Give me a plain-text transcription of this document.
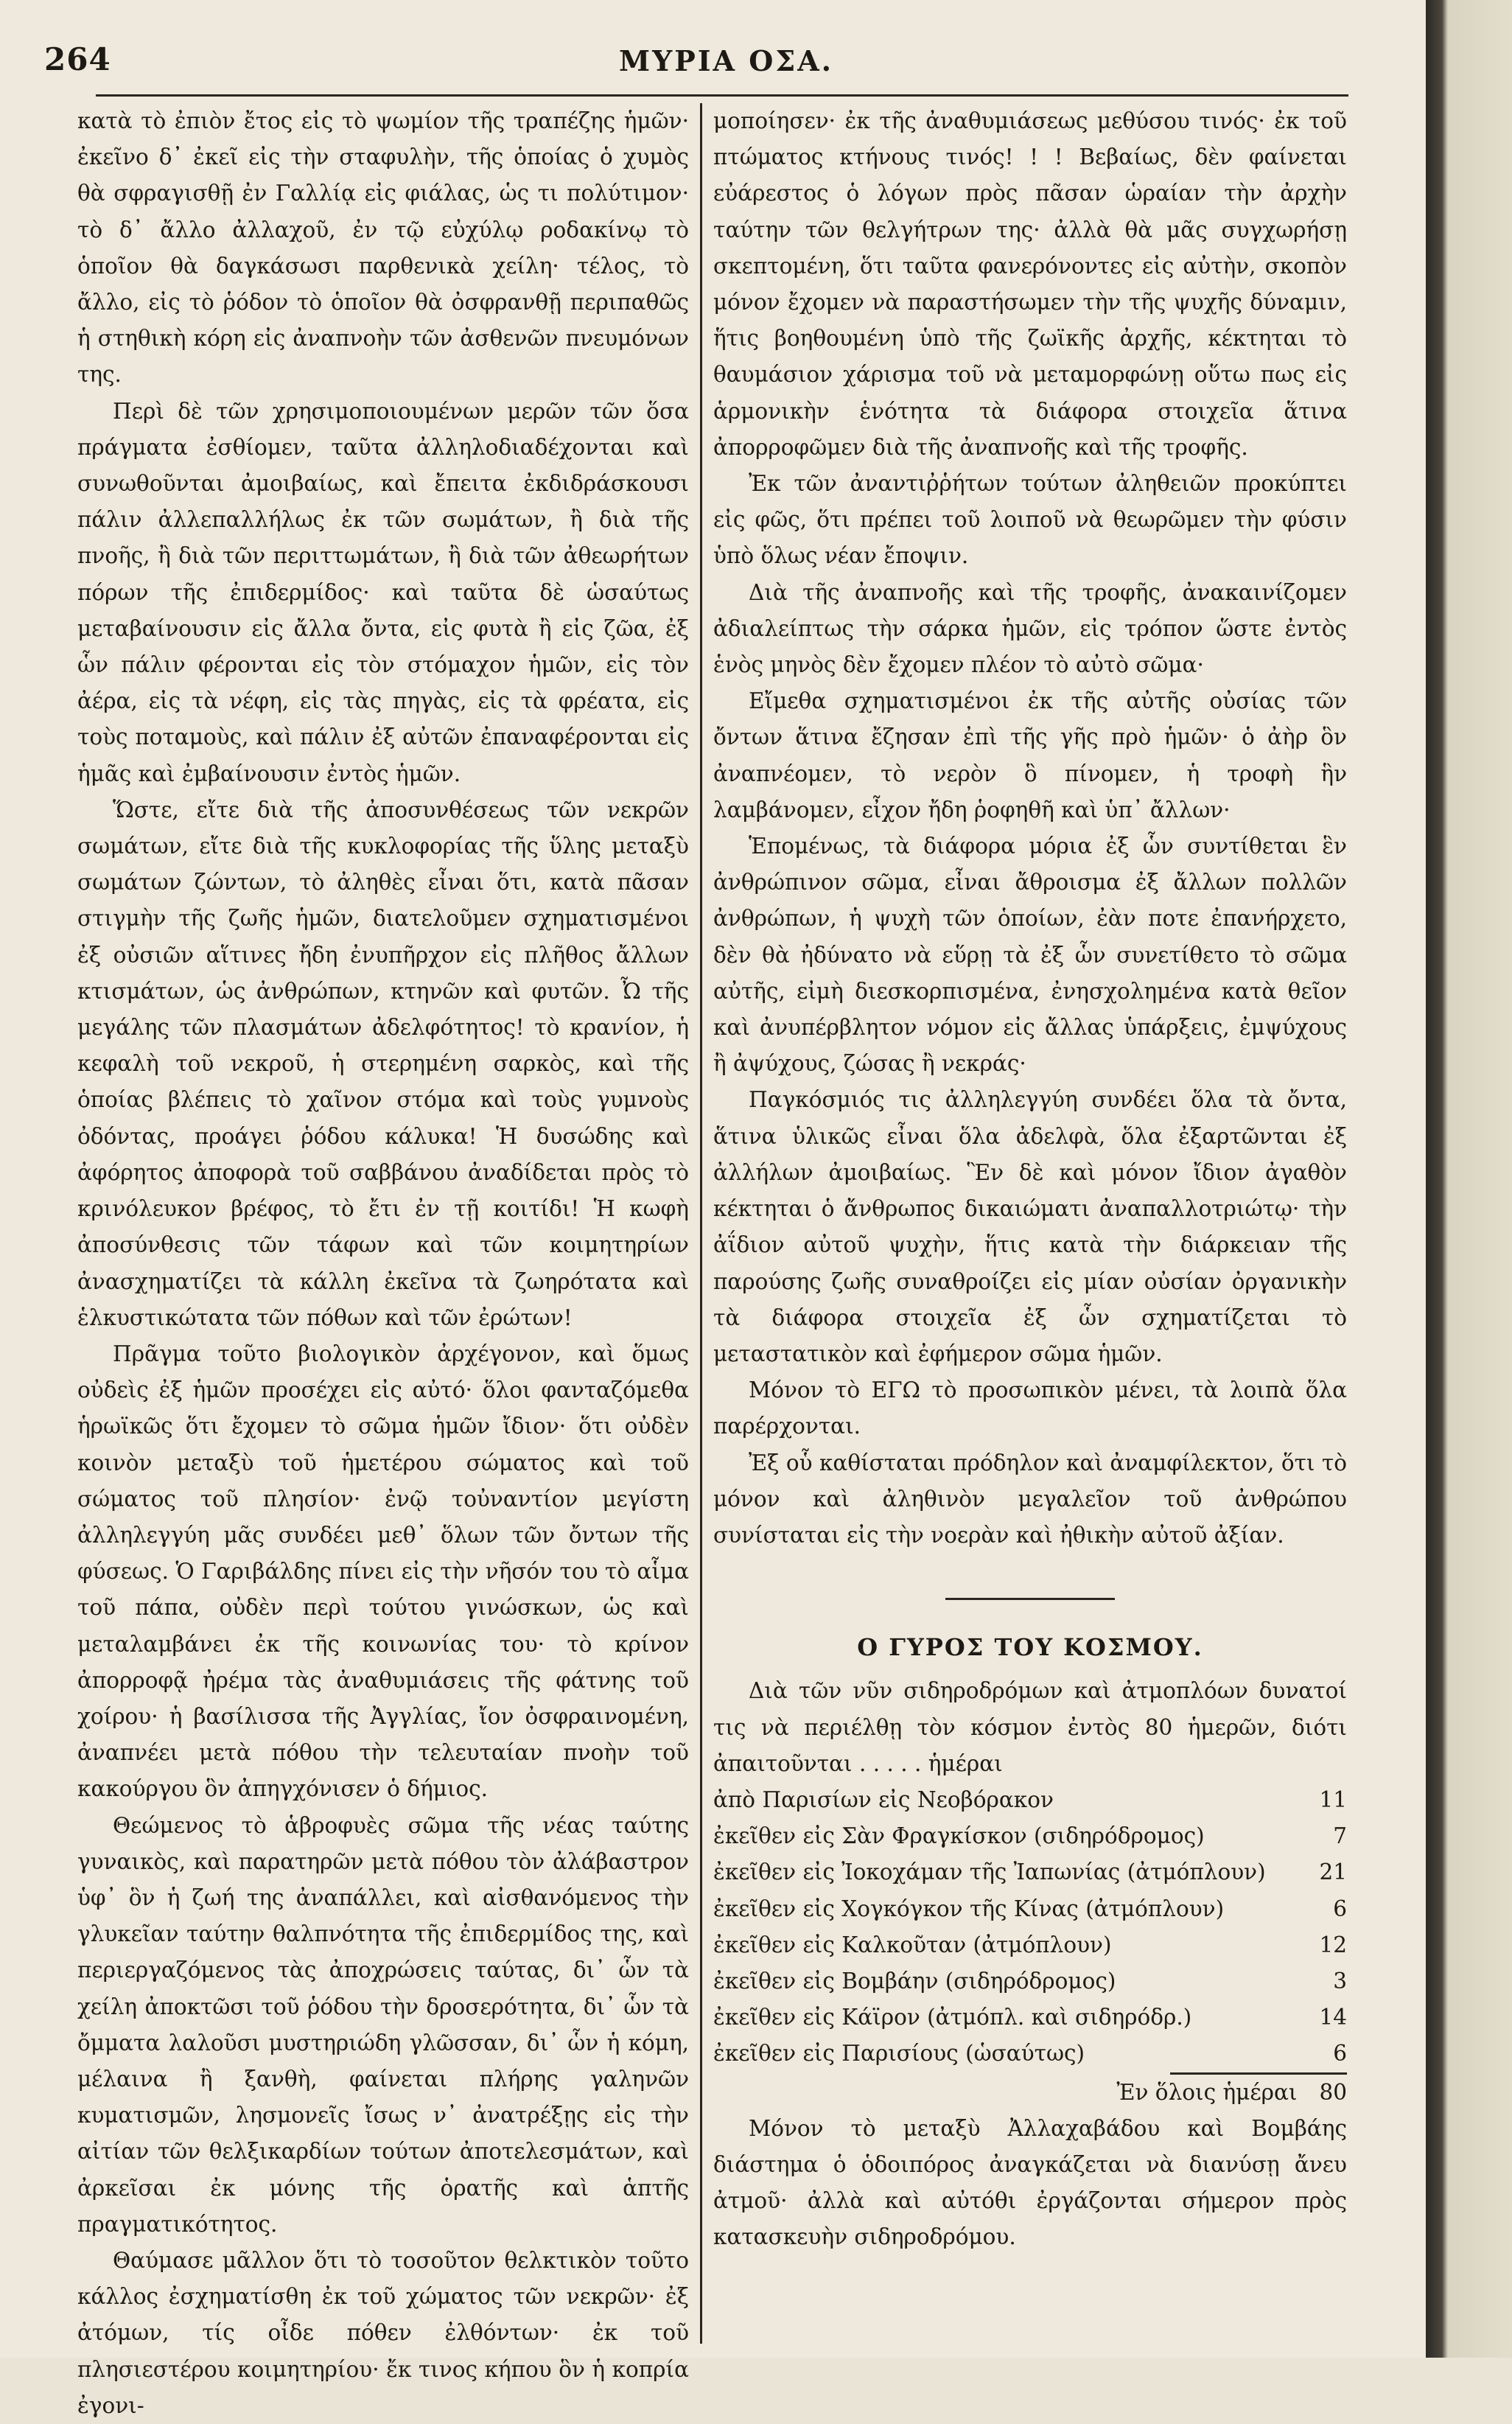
264	ΜΥΡΙΑ ΟΣΑ.

κατὰ τὸ ἐπιὸν ἔτος εἰς τὸ ψωμίον τῆς τραπέζης ἡμῶν· ἐκεῖνο δ᾽ ἐκεῖ εἰς τὴν σταφυλὴν, τῆς ὁποίας ὁ χυμὸς θὰ σφραγισθῇ ἐν Γαλλίᾳ εἰς φιάλας, ὡς τι πολύτιμον· τὸ δ᾽ ἄλλο ἀλλαχοῦ, ἐν τῷ εὐχύλῳ ροδακίνῳ τὸ ὁποῖον θὰ δαγκάσωσι παρθενικὰ χείλη· τέλος, τὸ ἄλλο, εἰς τὸ ῥόδον τὸ ὁποῖον θὰ ὀσφρανθῇ περιπαθῶς ἡ στηθικὴ κόρη εἰς ἀναπνοὴν τῶν ἀσθενῶν πνευμόνων της.

Περὶ δὲ τῶν χρησιμοποιουμένων μερῶν τῶν ὅσα πράγματα ἐσθίομεν, ταῦτα ἀλληλοδιαδέχονται καὶ συνωθοῦνται ἀμοιβαίως, καὶ ἔπειτα ἐκδιδράσκουσι πάλιν ἀλλεπαλλήλως ἐκ τῶν σωμάτων, ἢ διὰ τῆς πνοῆς, ἢ διὰ τῶν περιττωμάτων, ἢ διὰ τῶν ἀθεωρήτων πόρων τῆς ἐπιδερμίδος· καὶ ταῦτα δὲ ὡσαύτως μεταβαίνουσιν εἰς ἄλλα ὄντα, εἰς φυτὰ ἢ εἰς ζῶα, ἐξ ὧν πάλιν φέρονται εἰς τὸν στόμαχον ἡμῶν, εἰς τὸν ἀέρα, εἰς τὰ νέφη, εἰς τὰς πηγὰς, εἰς τὰ φρέατα, εἰς τοὺς ποταμοὺς, καὶ πάλιν ἐξ αὐτῶν ἐπαναφέρονται εἰς ἡμᾶς καὶ ἐμβαίνουσιν ἐντὸς ἡμῶν.

Ὥστε, εἴτε διὰ τῆς ἀποσυνθέσεως τῶν νεκρῶν σωμάτων, εἴτε διὰ τῆς κυκλοφορίας τῆς ὕλης μεταξὺ σωμάτων ζώντων, τὸ ἀληθὲς εἶναι ὅτι, κατὰ πᾶσαν στιγμὴν τῆς ζωῆς ἡμῶν, διατελοῦμεν σχηματισμένοι ἐξ οὐσιῶν αἵτινες ἤδη ἐνυπῆρχον εἰς πλῆθος ἄλλων κτισμάτων, ὡς ἀνθρώπων, κτηνῶν καὶ φυτῶν. Ὦ τῆς μεγάλης τῶν πλασμάτων ἀδελφότητος! τὸ κρανίον, ἡ κεφαλὴ τοῦ νεκροῦ, ἡ στερημένη σαρκὸς, καὶ τῆς ὁποίας βλέπεις τὸ χαῖνον στόμα καὶ τοὺς γυμνοὺς ὀδόντας, προάγει ῥόδου κάλυκα! Ἡ δυσώδης καὶ ἀφόρητος ἀποφορὰ τοῦ σαββάνου ἀναδίδεται πρὸς τὸ κρινόλευκον βρέφος, τὸ ἔτι ἐν τῇ κοιτίδι! Ἡ κωφὴ ἀποσύνθεσις τῶν τάφων καὶ τῶν κοιμητηρίων ἀνασχηματίζει τὰ κάλλη ἐκεῖνα τὰ ζωηρότατα καὶ ἑλκυστικώτατα τῶν πόθων καὶ τῶν ἐρώτων!

Πρᾶγμα τοῦτο βιολογικὸν ἀρχέγονον, καὶ ὅμως οὐδεὶς ἐξ ἡμῶν προσέχει εἰς αὐτό· ὅλοι φανταζόμεθα ἡρωϊκῶς ὅτι ἔχομεν τὸ σῶμα ἡμῶν ἴδιον· ὅτι οὐδὲν κοινὸν μεταξὺ τοῦ ἡμετέρου σώματος καὶ τοῦ σώματος τοῦ πλησίον· ἐνῷ τοὐναντίον μεγίστη ἀλληλεγγύη μᾶς συνδέει μεθ᾽ ὅλων τῶν ὄντων τῆς φύσεως. Ὁ Γαριβάλδης πίνει εἰς τὴν νῆσόν του τὸ αἷμα τοῦ πάπα, οὐδὲν περὶ τούτου γινώσκων, ὡς καὶ μεταλαμβάνει ἐκ τῆς κοινωνίας του· τὸ κρίνον ἀπορροφᾷ ἠρέμα τὰς ἀναθυμιάσεις τῆς φάτνης τοῦ χοίρου· ἡ βασίλισσα τῆς Ἀγγλίας, ἴον ὀσφραινομένη, ἀναπνέει μετὰ πόθου τὴν τελευταίαν πνοὴν τοῦ κακούργου ὃν ἀπηγχόνισεν ὁ δήμιος.

Θεώμενος τὸ ἁβροφυὲς σῶμα τῆς νέας ταύτης γυναικὸς, καὶ παρατηρῶν μετὰ πόθου τὸν ἀλάβαστρον ὑφ᾽ ὃν ἡ ζωή της ἀναπάλλει, καὶ αἰσθανόμενος τὴν γλυκεῖαν ταύτην θαλπνότητα τῆς ἐπιδερμίδος της, καὶ περιεργαζόμενος τὰς ἀποχρώσεις ταύτας, δι᾽ ὧν τὰ χείλη ἀποκτῶσι τοῦ ῥόδου τὴν δροσερότητα, δι᾽ ὧν τὰ ὄμματα λαλοῦσι μυστηριώδη γλῶσσαν, δι᾽ ὧν ἡ κόμη, μέλαινα ἢ ξανθὴ, φαίνεται πλήρης γαληνῶν κυματισμῶν, λησμονεῖς ἴσως ν᾽ ἀνατρέξῃς εἰς τὴν αἰτίαν τῶν θελξικαρδίων τούτων ἀποτελεσμάτων, καὶ ἀρκεῖσαι ἐκ μόνης τῆς ὁρατῆς καὶ ἁπτῆς πραγματικότητος.

Θαύμασε μᾶλλον ὅτι τὸ τοσοῦτον θελκτικὸν τοῦτο κάλλος ἐσχηματίσθη ἐκ τοῦ χώματος τῶν νεκρῶν· ἐξ ἀτόμων, τίς οἶδε πόθεν ἐλθόντων· ἐκ τοῦ πλησιεστέρου κοιμητηρίου· ἔκ τινος κήπου ὃν ἡ κοπρία ἐγονι-

μοποίησεν· ἐκ τῆς ἀναθυμιάσεως μεθύσου τινός· ἐκ τοῦ πτώματος κτήνους τινός! ! ! Βεβαίως, δὲν φαίνεται εὐάρεστος ὁ λόγων πρὸς πᾶσαν ὡραίαν τὴν ἀρχὴν ταύτην τῶν θελγήτρων της· ἀλλὰ θὰ μᾶς συγχωρήσῃ σκεπτομένη, ὅτι ταῦτα φανερόνοντες εἰς αὐτὴν, σκοπὸν μόνον ἔχομεν νὰ παραστήσωμεν τὴν τῆς ψυχῆς δύναμιν, ἥτις βοηθουμένη ὑπὸ τῆς ζωϊκῆς ἀρχῆς, κέκτηται τὸ θαυμάσιον χάρισμα τοῦ νὰ μεταμορφώνῃ οὕτω πως εἰς ἁρμονικὴν ἑνότητα τὰ διάφορα στοιχεῖα ἅτινα ἀπορροφῶμεν διὰ τῆς ἀναπνοῆς καὶ τῆς τροφῆς.

Ἐκ τῶν ἀναντιῤῥήτων τούτων ἀληθειῶν προκύπτει εἰς φῶς, ὅτι πρέπει τοῦ λοιποῦ νὰ θεωρῶμεν τὴν φύσιν ὑπὸ ὅλως νέαν ἔποψιν.

Διὰ τῆς ἀναπνοῆς καὶ τῆς τροφῆς, ἀνακαινίζομεν ἀδιαλείπτως τὴν σάρκα ἡμῶν, εἰς τρόπον ὥστε ἐντὸς ἑνὸς μηνὸς δὲν ἔχομεν πλέον τὸ αὐτὸ σῶμα·

Εἴμεθα σχηματισμένοι ἐκ τῆς αὐτῆς οὐσίας τῶν ὄντων ἅτινα ἔζησαν ἐπὶ τῆς γῆς πρὸ ἡμῶν· ὁ ἀὴρ ὃν ἀναπνέομεν, τὸ νερὸν ὃ πίνομεν, ἡ τροφὴ ἣν λαμβάνομεν, εἶχον ἤδη ῥοφηθῆ καὶ ὑπ᾽ ἄλλων·

Ἑπομένως, τὰ διάφορα μόρια ἐξ ὧν συντίθεται ἓν ἀνθρώπινον σῶμα, εἶναι ἄθροισμα ἐξ ἄλλων πολλῶν ἀνθρώπων, ἡ ψυχὴ τῶν ὁποίων, ἐὰν ποτε ἐπανήρχετο, δὲν θὰ ἠδύνατο νὰ εὕρῃ τὰ ἐξ ὧν συνετίθετο τὸ σῶμα αὐτῆς, εἰμὴ διεσκορπισμένα, ἐνησχολημένα κατὰ θεῖον καὶ ἀνυπέρβλητον νόμον εἰς ἄλλας ὑπάρξεις, ἐμψύχους ἢ ἀψύχους, ζώσας ἢ νεκράς·

Παγκόσμιός τις ἀλληλεγγύη συνδέει ὅλα τὰ ὄντα, ἅτινα ὑλικῶς εἶναι ὅλα ἀδελφὰ, ὅλα ἐξαρτῶνται ἐξ ἀλλήλων ἀμοιβαίως. Ἓν δὲ καὶ μόνον ἴδιον ἀγαθὸν κέκτηται ὁ ἄνθρωπος δικαιώματι ἀναπαλλοτριώτῳ· τὴν ἀΐδιον αὐτοῦ ψυχὴν, ἥτις κατὰ τὴν διάρκειαν τῆς παρούσης ζωῆς συναθροίζει εἰς μίαν οὐσίαν ὀργανικὴν τὰ διάφορα στοιχεῖα ἐξ ὧν σχηματίζεται τὸ μεταστατικὸν καὶ ἐφήμερον σῶμα ἡμῶν.

Μόνον τὸ ΕΓΩ τὸ προσωπικὸν μένει, τὰ λοιπὰ ὅλα παρέρχονται.

Ἐξ οὗ καθίσταται πρόδηλον καὶ ἀναμφίλεκτον, ὅτι τὸ μόνον καὶ ἀληθινὸν μεγαλεῖον τοῦ ἀνθρώπου συνίσταται εἰς τὴν νοερὰν καὶ ἠθικὴν αὐτοῦ ἀξίαν.

Ο ΓΥΡΟΣ ΤΟΥ ΚΟΣΜΟΥ.

Διὰ τῶν νῦν σιδηροδρόμων καὶ ἀτμοπλόων δυνατοί τις νὰ περιέλθῃ τὸν κόσμον ἐντὸς 80 ἡμερῶν, διότι ἀπαιτοῦνται . . . . . ἡμέραι

ἀπὸ Παρισίων εἰς Νεοβόρακον	11
ἐκεῖθεν εἰς Σὰν Φραγκίσκον (σιδηρόδρομος)	7
ἐκεῖθεν εἰς Ἰοκοχάμαν τῆς Ἰαπωνίας (ἀτμόπλουν)	21
ἐκεῖθεν εἰς Χογκόγκον τῆς Κίνας (ἀτμόπλουν)	6
ἐκεῖθεν εἰς Καλκοῦταν (ἀτμόπλουν)	12
ἐκεῖθεν εἰς Βομβάην (σιδηρόδρομος)	3
ἐκεῖθεν εἰς Κάϊρον (ἀτμόπλ. καὶ σιδηρόδρ.)	14
ἐκεῖθεν εἰς Παρισίους (ὡσαύτως)	6
Ἐν ὅλοις ἡμέραι 80

Μόνον τὸ μεταξὺ Ἀλλαχαβάδου καὶ Βομβάης διάστημα ὁ ὁδοιπόρος ἀναγκάζεται νὰ διανύσῃ ἄνευ ἀτμοῦ· ἀλλὰ καὶ αὐτόθι ἐργάζονται σήμερον πρὸς κατασκευὴν σιδηροδρόμου.
